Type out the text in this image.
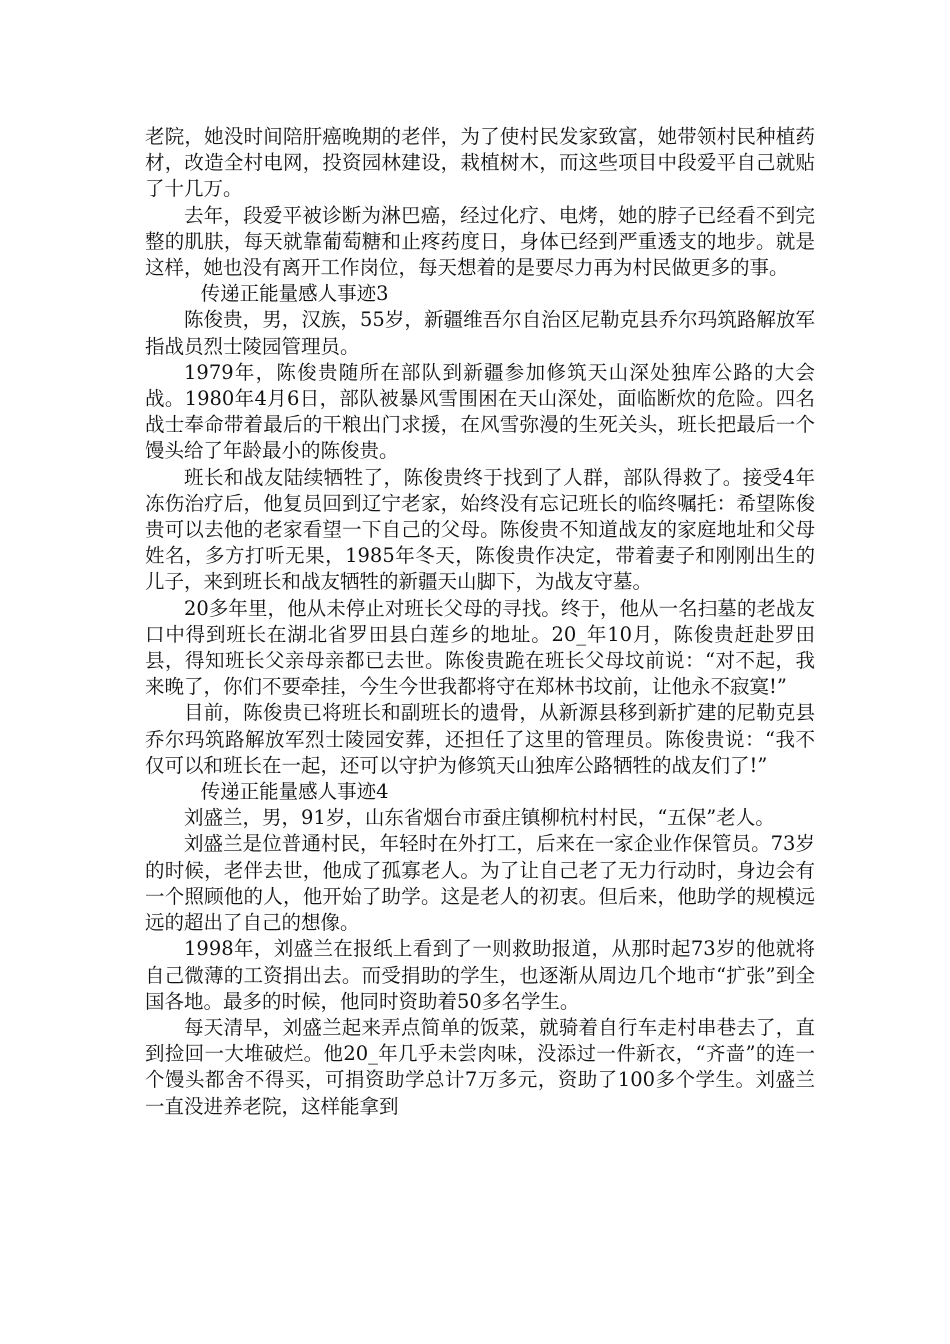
老院，她没时间陪肝癌晚期的老伴，为了使村民发家致富，她带领村民种植药材，改造全村电网，投资园林建设，栽植树木，而这些项目中段爱平自己就贴了十几万。

去年，段爱平被诊断为淋巴癌，经过化疗、电烤，她的脖子已经看不到完整的肌肤，每天就靠葡萄糖和止疼药度日，身体已经到严重透支的地步。就是这样，她也没有离开工作岗位，每天想着的是要尽力再为村民做更多的事。

传递正能量感人事迹3

陈俊贵，男，汉族，55岁，新疆维吾尔自治区尼勒克县乔尔玛筑路解放军指战员烈士陵园管理员。

1979年，陈俊贵随所在部队到新疆参加修筑天山深处独库公路的大会战。1980年4月6日，部队被暴风雪围困在天山深处，面临断炊的危险。四名战士奉命带着最后的干粮出门求援，在风雪弥漫的生死关头，班长把最后一个馒头给了年龄最小的陈俊贵。

班长和战友陆续牺牲了，陈俊贵终于找到了人群，部队得救了。接受4年冻伤治疗后，他复员回到辽宁老家，始终没有忘记班长的临终嘱托：希望陈俊贵可以去他的老家看望一下自己的父母。陈俊贵不知道战友的家庭地址和父母姓名，多方打听无果，1985年冬天，陈俊贵作决定，带着妻子和刚刚出生的儿子，来到班长和战友牺牲的新疆天山脚下，为战友守墓。

20多年里，他从未停止对班长父母的寻找。终于，他从一名扫墓的老战友口中得到班长在湖北省罗田县白莲乡的地址。20_年10月，陈俊贵赶赴罗田县，得知班长父亲母亲都已去世。陈俊贵跪在班长父母坟前说：“对不起，我来晚了，你们不要牵挂，今生今世我都将守在郑林书坟前，让他永不寂寞!”

目前，陈俊贵已将班长和副班长的遗骨，从新源县移到新扩建的尼勒克县乔尔玛筑路解放军烈士陵园安葬，还担任了这里的管理员。陈俊贵说：“我不仅可以和班长在一起，还可以守护为修筑天山独库公路牺牲的战友们了!”

传递正能量感人事迹4

刘盛兰，男，91岁，山东省烟台市蚕庄镇柳杭村村民，“五保”老人。

刘盛兰是位普通村民，年轻时在外打工，后来在一家企业作保管员。73岁的时候，老伴去世，他成了孤寡老人。为了让自己老了无力行动时，身边会有一个照顾他的人，他开始了助学。这是老人的初衷。但后来，他助学的规模远远的超出了自己的想像。

1998年，刘盛兰在报纸上看到了一则救助报道，从那时起73岁的他就将自己微薄的工资捐出去。而受捐助的学生，也逐渐从周边几个地市“扩张”到全国各地。最多的时候，他同时资助着50多名学生。

每天清早，刘盛兰起来弄点简单的饭菜，就骑着自行车走村串巷去了，直到捡回一大堆破烂。他20_年几乎未尝肉味，没添过一件新衣，“齐啬”的连一个馒头都舍不得买，可捐资助学总计7万多元，资助了100多个学生。刘盛兰一直没进养老院，这样能拿到
